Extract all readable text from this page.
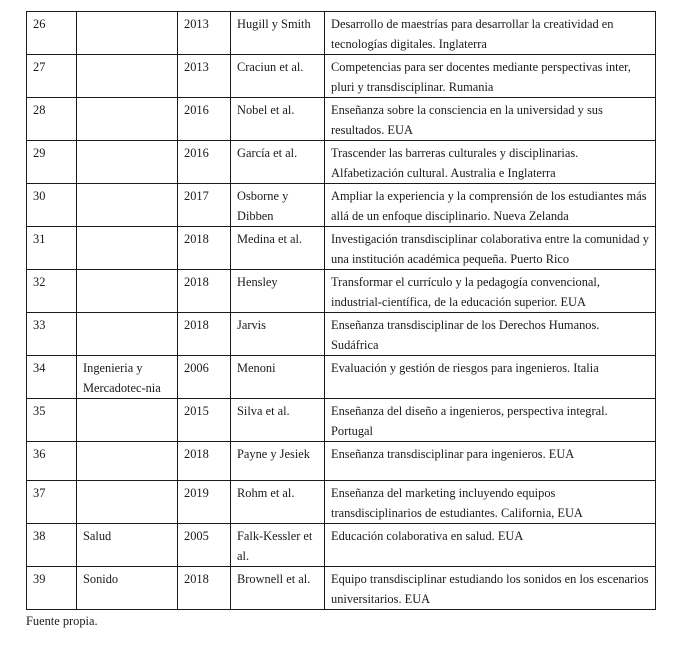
26		2013	Hugill y Smith	Desarrollo de maestrías para desarrollar la creatividad en tecnologías digitales. Inglaterra
27		2013	Craciun et al.	Competencias para ser docentes mediante perspectivas inter, pluri y transdisciplinar. Rumania
28		2016	Nobel et al.	Enseñanza sobre la consciencia en la universidad y sus resultados. EUA
29		2016	García et al.	Trascender las barreras culturales y disciplinarias. Alfabetización cultural. Australia e Inglaterra
30		2017	Osborne y Dibben	Ampliar la experiencia y la comprensión de los estudiantes más allá de un enfoque disciplinario. Nueva Zelanda
31		2018	Medina et al.	Investigación transdisciplinar colaborativa entre la comunidad y una institución académica pequeña. Puerto Rico
32		2018	Hensley	Transformar el currículo y la pedagogía convencional, industrial-científica, de la educación superior. EUA
33		2018	Jarvis	Enseñanza transdisciplinar de los Derechos Humanos. Sudáfrica
34	Ingenieria y Mercadotec-nia	2006	Menoni	Evaluación y gestión de riesgos para ingenieros. Italia
35		2015	Silva et al.	Enseñanza del diseño a ingenieros, perspectiva integral. Portugal
36		2018	Payne y Jesiek	Enseñanza transdisciplinar para ingenieros. EUA
37		2019	Rohm et al.	Enseñanza del marketing incluyendo equipos transdisciplinarios de estudiantes. California, EUA
38	Salud	2005	Falk-Kessler et al.	Educación colaborativa en salud. EUA
39	Sonido	2018	Brownell et al.	Equipo transdisciplinar estudiando los sonidos en los escenarios universitarios. EUA
Fuente propia.
